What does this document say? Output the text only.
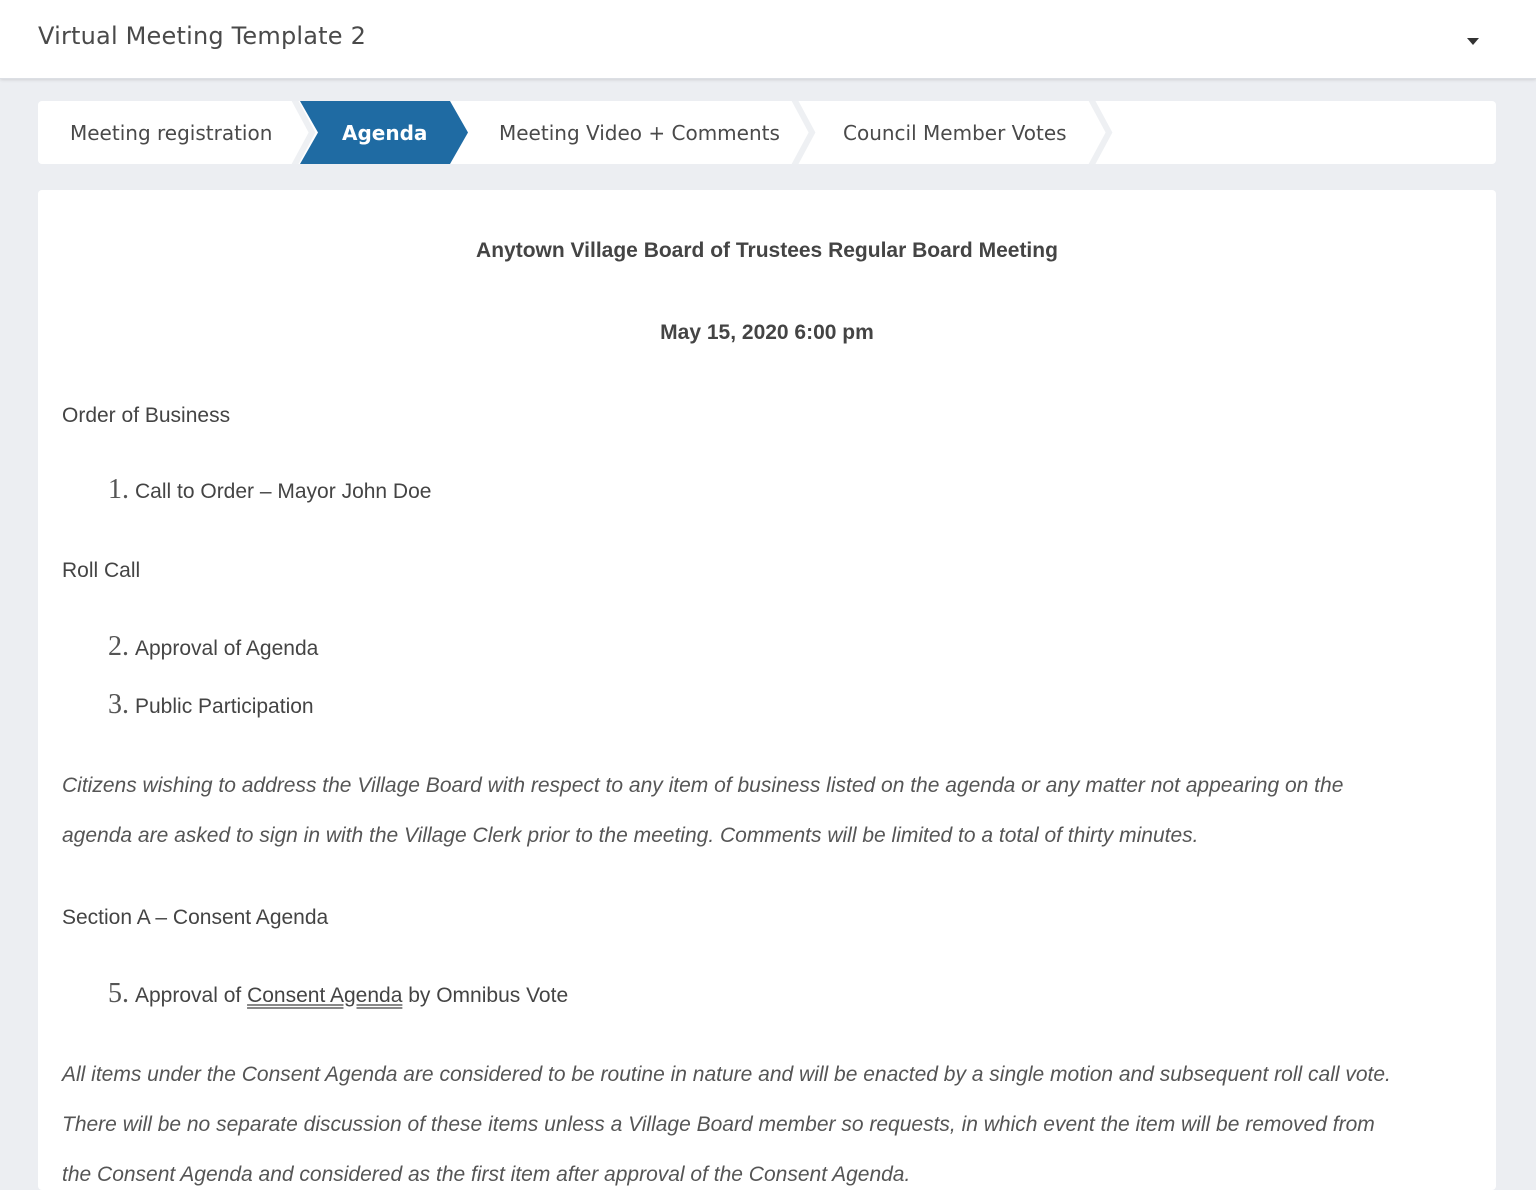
Virtual Meeting Template 2
Meeting registration	Agenda	Meeting Video + Comments	Council Member Votes
Anytown Village Board of Trustees Regular Board Meeting
May 15, 2020 6:00 pm
Order of Business
1. Call to Order – Mayor John Doe
Roll Call
2. Approval of Agenda
3. Public Participation
Citizens wishing to address the Village Board with respect to any item of business listed on the agenda or any matter not appearing on the
agenda are asked to sign in with the Village Clerk prior to the meeting. Comments will be limited to a total of thirty minutes.
Section A – Consent Agenda
5. Approval of Consent Agenda by Omnibus Vote
All items under the Consent Agenda are considered to be routine in nature and will be enacted by a single motion and subsequent roll call vote.
There will be no separate discussion of these items unless a Village Board member so requests, in which event the item will be removed from
the Consent Agenda and considered as the first item after approval of the Consent Agenda.
